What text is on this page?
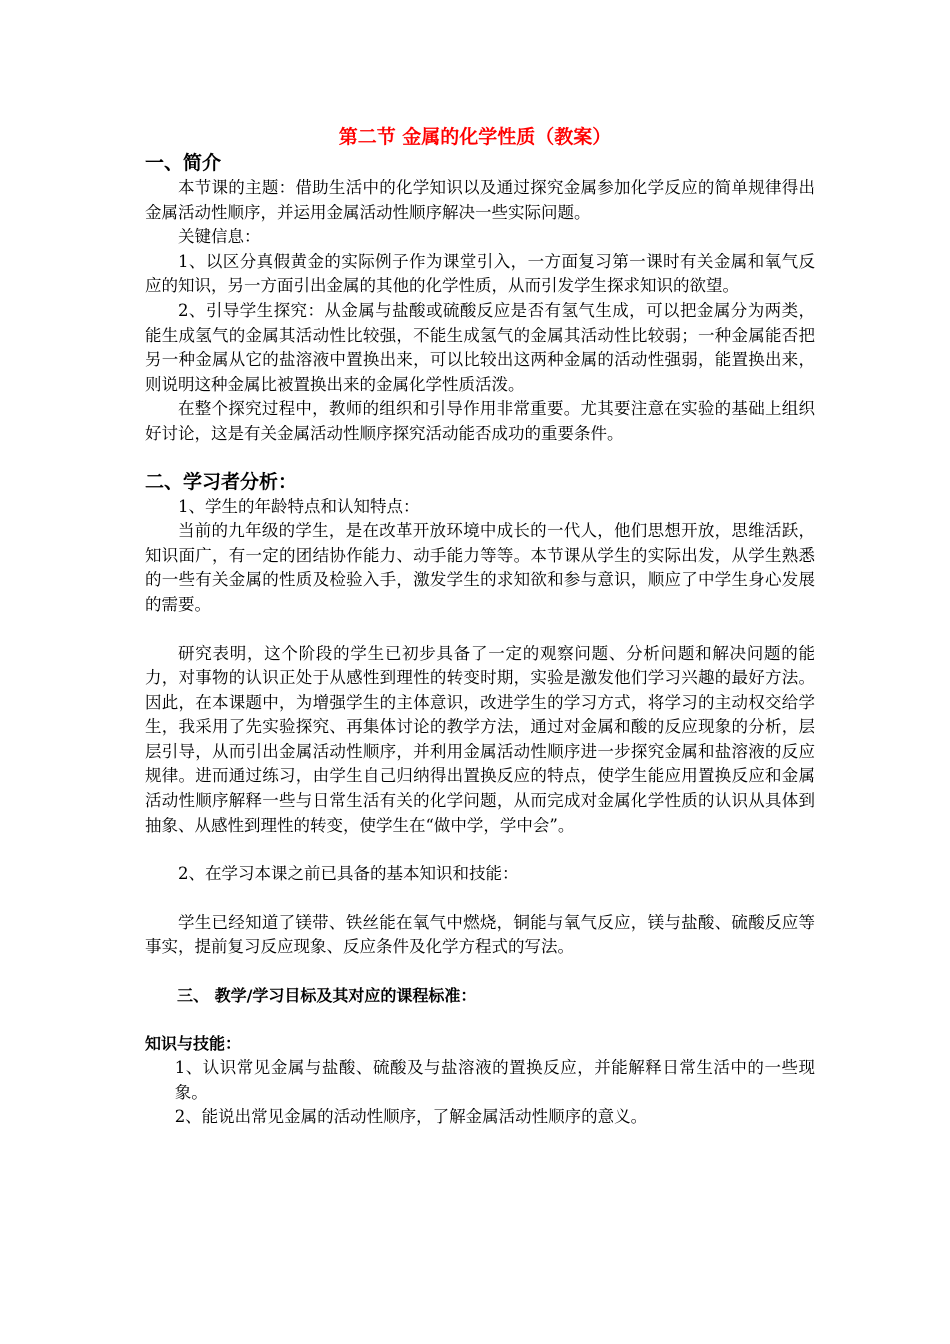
第二节 金属的化学性质（教案）
一、简介

本节课的主题：借助生活中的化学知识以及通过探究金属参加化学反应的简单规律得出金属活动性顺序，并运用金属活动性顺序解决一些实际问题。

关键信息：

1、以区分真假黄金的实际例子作为课堂引入，一方面复习第一课时有关金属和氧气反应的知识，另一方面引出金属的其他的化学性质，从而引发学生探求知识的欲望。

2、引导学生探究：从金属与盐酸或硫酸反应是否有氢气生成，可以把金属分为两类，能生成氢气的金属其活动性比较强，不能生成氢气的金属其活动性比较弱；一种金属能否把另一种金属从它的盐溶液中置换出来，可以比较出这两种金属的活动性强弱，能置换出来，则说明这种金属比被置换出来的金属化学性质活泼。

在整个探究过程中，教师的组织和引导作用非常重要。尤其要注意在实验的基础上组织好讨论，这是有关金属活动性顺序探究活动能否成功的重要条件。

二、学习者分析：

1、学生的年龄特点和认知特点：

当前的九年级的学生，是在改革开放环境中成长的一代人，他们思想开放，思维活跃，知识面广，有一定的团结协作能力、动手能力等等。本节课从学生的实际出发，从学生熟悉的一些有关金属的性质及检验入手，激发学生的求知欲和参与意识，顺应了中学生身心发展的需要。

研究表明，这个阶段的学生已初步具备了一定的观察问题、分析问题和解决问题的能力，对事物的认识正处于从感性到理性的转变时期，实验是激发他们学习兴趣的最好方法。因此，在本课题中，为增强学生的主体意识，改进学生的学习方式，将学习的主动权交给学生，我采用了先实验探究、再集体讨论的教学方法，通过对金属和酸的反应现象的分析，层层引导，从而引出金属活动性顺序，并利用金属活动性顺序进一步探究金属和盐溶液的反应规律。进而通过练习，由学生自己归纳得出置换反应的特点，使学生能应用置换反应和金属活动性顺序解释一些与日常生活有关的化学问题，从而完成对金属化学性质的认识从具体到抽象、从感性到理性的转变，使学生在“做中学，学中会”。

2、在学习本课之前已具备的基本知识和技能：

学生已经知道了镁带、铁丝能在氧气中燃烧，铜能与氧气反应，镁与盐酸、硫酸反应等事实，提前复习反应现象、反应条件及化学方程式的写法。

三、 教学/学习目标及其对应的课程标准：
知识与技能：

1、认识常见金属与盐酸、硫酸及与盐溶液的置换反应，并能解释日常生活中的一些现象。

2、能说出常见金属的活动性顺序，了解金属活动性顺序的意义。
